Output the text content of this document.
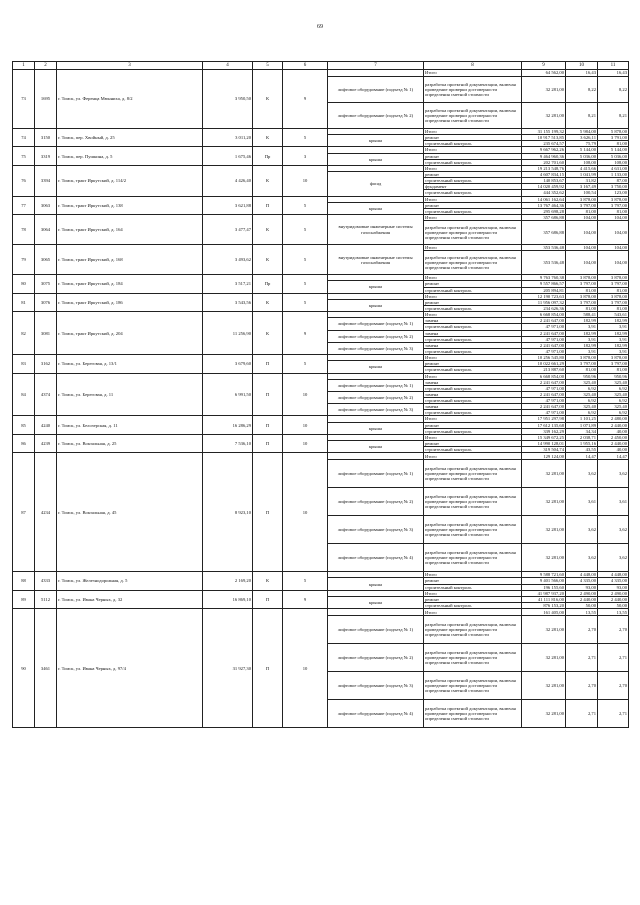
69
1	2	3	4	5	6	7	8	9	10	11
73	1695	г. Томск, ул. Ференца Мюнниха, д. 8/2	3 950,50	К	9		Итого	64 562,00	16,43	16,43
						лифтовое оборудование (подъезд № 1)	разработка проектной документации, включая проведение проверки достоверности определения сметной стоимости	32 281,00	8,22	8,22
						лифтовое оборудование (подъезд № 2)	разработка проектной документации, включая проведение проверки достоверности определения сметной стоимости	32 281,00	8,21	8,21
74	3150	г. Томск, пер. Хвойный, д. 25	3 011,20	К	5		Итого	31 155 199,32	5 984,00	5 878,00
						крыша	ремонт	10 917 513,85	3 626,11	3 791,00
							строительный контроль	235 674,57	75,79	81,00
75	3319	г. Томск, пер. Пушкина, д. 5	1 675,46	Пр	3		Итого	9 667 962,26	5 144,00	5 144,00
						крыша	ремонт	9 464 960,36	5 036,00	5 036,00
							строительный контроль	202 701,60	108,00	108,00
76	3394	г. Томск, тракт Иркутский, д. 114/2	4 426,40	К	10		Итого	19 213 548,76	4 415,66	4 631,00
						фасад	ремонт	4 607 834,15	1 041,99	1 133,00
							строительный контроль	140 853,67	31,82	87,00
							фундамент	14 020 459,92	3 167,49	3 750,00
							строительный контроль	444 352,62	100,54	123,00
77	3063	г. Томск, тракт Иркутский, д. 138	3 621,88	П	5		Итого	14 061 162,64	3 878,00	3 878,00
						крыша	ремонт	13 767 464,36	3 797,00	3 797,00
							строительный контроль	295 698,28	81,00	81,00
78	3064	г. Томск, тракт Иркутский, д. 164	3 477,47	К	5	внутридомовые инженерные системы газоснабжения	Итого	357 686,88	104,00	104,00
							разработка проектной документации, включая проведение проверки достоверности определения сметной стоимости	357 686,88	104,00	104,00
79	3065	г. Томск, тракт Иркутский, д. 168	3 493,62	К	5	внутридомовые инженерные системы газоснабжения	Итого	353 536,48	104,00	104,00
							разработка проектной документации, включая проведение проверки достоверности определения сметной стоимости	353 536,48	104,00	104,00
80	3075	г. Томск, тракт Иркутский, д. 184	3 517,21	Пр	5		Итого	9 763 760,38	3 878,00	3 878,00
						крыша	ремонт	9 557 866,57	3 797,00	3 797,00
							строительный контроль	205 894,81	81,00	81,00
81	3076	г. Томск, тракт Иркутский, д. 186	3 543,56	К	5		Итого	12 190 723,63	3 878,00	3 878,00
						крыша	ремонт	11 956 097,32	3 797,00	3 797,00
							строительный контроль	234 626,36	81,00	81,00
82	3081	г. Томск, тракт Иркутский, д. 204	11 256,90	К	9		Итого	6 668 854,00	588,41	543,61
						лифтовое оборудование (подъезд № 1)	замена	2 241 647,00	182,99	182,99
							строительный контроль	47 971,00	3,91	3,91
						лифтовое оборудование (подъезд № 2)	замена	2 241 647,00	182,99	182,99
							строительный контроль	47 971,00	3,91	3,91
						лифтовое оборудование (подъезд № 3)	замена	2 241 647,00	182,99	182,99
							строительный контроль	47 971,00	3,91	3,91
83	3162	г. Томск, ул. Береговая, д. 13/1	3 679,60	П	5		Итого	10 256 545,80	3 878,00	3 878,00
						крыша	ремонт	10 022 661,29	3 797,00	3 797,00
							строительный контроль	213 887,60	81,00	81,00
84	4374	г. Томск, ул. Береговая, д. 11	6 991,50	П	10		Итого	6 668 854,00	950,96	950,96
						лифтовое оборудование (подъезд № 1)	замена	2 241 647,00	325,40	325,40
							строительный контроль	47 971,00	6,92	6,92
						лифтовое оборудование (подъезд № 2)	замена	2 241 647,00	325,40	325,40
							строительный контроль	47 971,00	6,92	6,92
						лифтовое оборудование (подъезд № 3)	замена	2 241 647,00	325,40	325,40
							строительный контроль	47 971,00	6,92	6,92
85	4240	г. Томск, ул. Белозерская, д. 11	16 286,29	П	10		Итого	17 951 297,98	1 101,25	2 480,00
						крыша	ремонт	17 612 135,68	1 071,89	2 440,00
							строительный контроль	339 162,29	34,34	40,00
86	4239	г. Томск, ул. Вокзальная, д. 25	7 536,10	П	10		Итого	15 349 672,25	2 038,71	2 450,00
						крыша	ремонт	14 990 128,01	1 955,16	2 440,00
							строительный контроль	319 504,74	43,55	40,00
87	4234	г. Томск, ул. Вокзальная, д. 45	8 923,10	П	10		Итого	129 124,00	14,47	14,47
						лифтовое оборудование (подъезд № 1)	разработка проектной документации, включая проведение проверки достоверности определения сметной стоимости	32 281,00	3,62	3,62
						лифтовое оборудование (подъезд № 2)	разработка проектной документации, включая проведение проверки достоверности определения сметной стоимости	32 281,00	3,61	3,61
						лифтовое оборудование (подъезд № 3)	разработка проектной документации, включая проведение проверки достоверности определения сметной стоимости	32 281,00	3,62	3,62
						лифтовое оборудование (подъезд № 4)	разработка проектной документации, включая проведение проверки достоверности определения сметной стоимости	32 281,00	3,62	3,62
88	4333	г. Томск, ул. Железнодорожная, д. 5	2 169,20	К	5		Итого	9 588 721,60	4 448,00	4 448,00
						крыша	ремонт	9 401 566,00	4 335,00	4 335,00
							строительный контроль	196 155,60	93,00	93,00
89	5112	г. Томск, ул. Ивана Черных, д. 32	16 869,10	П	9		Итого	41 987 937,20	2 490,00	2 490,00
						крыша	ремонт	41 111 816,00	2 440,00	2 440,00
							строительный контроль	876 153,20	50,00	50,00
90	3461	г. Томск, ул. Ивана Черных, д. 97/4	31 927,30	П	10		Итого	161 405,00	13,55	13,55
						лифтовое оборудование (подъезд № 1)	разработка проектной документации, включая проведение проверки достоверности определения сметной стоимости	32 281,00	2,70	2,70
						лифтовое оборудование (подъезд № 2)	разработка проектной документации, включая проведение проверки достоверности определения сметной стоимости	32 281,00	2,71	2,71
						лифтовое оборудование (подъезд № 3)	разработка проектной документации, включая проведение проверки достоверности определения сметной стоимости	32 281,00	2,70	2,70
						лифтовое оборудование (подъезд № 4)	разработка проектной документации, включая проведение проверки достоверности определения сметной стоимости	32 281,00	2,71	2,71
